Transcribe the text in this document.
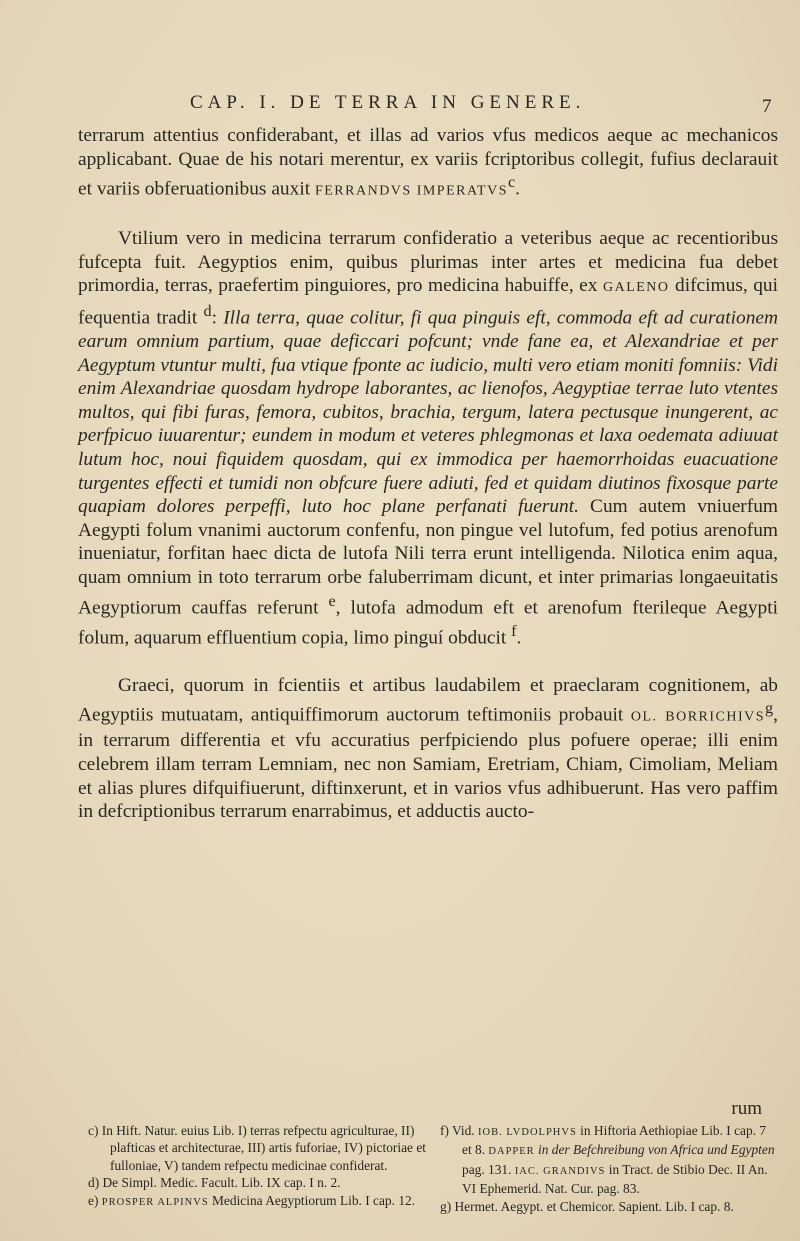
CAP. I. DE TERRA IN GENERE.	7

terrarum attentius confiderabant, et illas ad varios vfus medicos aeque ac mechanicos applicabant. Quae de his notari merentur, ex variis fcriptoribus collegit, fufius declarauit et variis obferuationibus auxit FERRANDVS IMPERATVS$^c$.

Vtilium vero in medicina terrarum confideratio a veteribus aeque ac recentioribus fufcepta fuit. Aegyptios enim, quibus plurimas inter artes et medicina fua debet primordia, terras, praefertim pinguiores, pro medicina habuiffe, ex GALENO difcimus, qui fequentia tradit $^d$: Illa terra, quae colitur, fi qua pinguis eft, commoda eft ad curationem earum omnium partium, quae deficcari pofcunt; vnde fane ea, et Alexandriae et per Aegyptum vtuntur multi, fua vtique fponte ac iudicio, multi vero etiam moniti fomniis: Vidi enim Alexandriae quosdam hydrope laborantes, ac lienofos, Aegyptiae terrae luto vtentes multos, qui fibi furas, femora, cubitos, brachia, tergum, latera pectusque inungerent, ac perfpicuo iuuarentur; eundem in modum et veteres phlegmonas et laxa oedemata adiuuat lutum hoc, noui fiquidem quosdam, qui ex immodica per haemorrhoidas euacuatione turgentes effecti et tumidi non obfcure fuere adiuti, fed et quidam diutinos fixosque parte quapiam dolores perpeffi, luto hoc plane perfanati fuerunt. Cum autem vniuerfum Aegypti folum vnanimi auctorum confenfu, non pingue vel lutofum, fed potius arenofum inueniatur, forfitan haec dicta de lutofa Nili terra erunt intelligenda. Nilotica enim aqua, quam omnium in toto terrarum orbe faluberrimam dicunt, et inter primarias longaeuitatis Aegyptiorum cauffas referunt $^e$, lutofa admodum eft et arenofum fterileque Aegypti folum, aquarum effluentium copia, limo pinguí obducit $^f$.

Graeci, quorum in fcientiis et artibus laudabilem et praeclaram cognitionem, ab Aegyptiis mutuatam, antiquiffimorum auctorum teftimoniis probauit OL. BORRICHIVS$^g$, in terrarum differentia et vfu accuratius perfpiciendo plus pofuere operae; illi enim celebrem illam terram Lemniam, nec non Samiam, Eretriam, Chiam, Cimoliam, Meliam et alias plures difquifiuerunt, diftinxerunt, et in varios vfus adhibuerunt. Has vero paffim in defcriptionibus terrarum enarrabimus, et adductis aucto-

rum

c) In Hift. Natur. euius Lib. I) terras refpectu agriculturae, II) plafticas et architecturae, III) artis fuforiae, IV) pictoriae et fulloniae, V) tandem refpectu medicinae confiderat.

d) De Simpl. Medic. Facult. Lib. IX cap. I n. 2.

e) PROSPER ALPINVS Medicina Aegyptiorum Lib. I cap. 12.

f) Vid. IOB. LVDOLPHVS in Hiftoria Aethiopiae Lib. I cap. 7 et 8. DAPPER in der Befchreibung von Africa und Egypten pag. 131. IAC. GRANDIVS in Tract. de Stibio Dec. II An. VI Ephemerid. Nat. Cur. pag. 83.

g) Hermet. Aegypt. et Chemicor. Sapient. Lib. I cap. 8.
